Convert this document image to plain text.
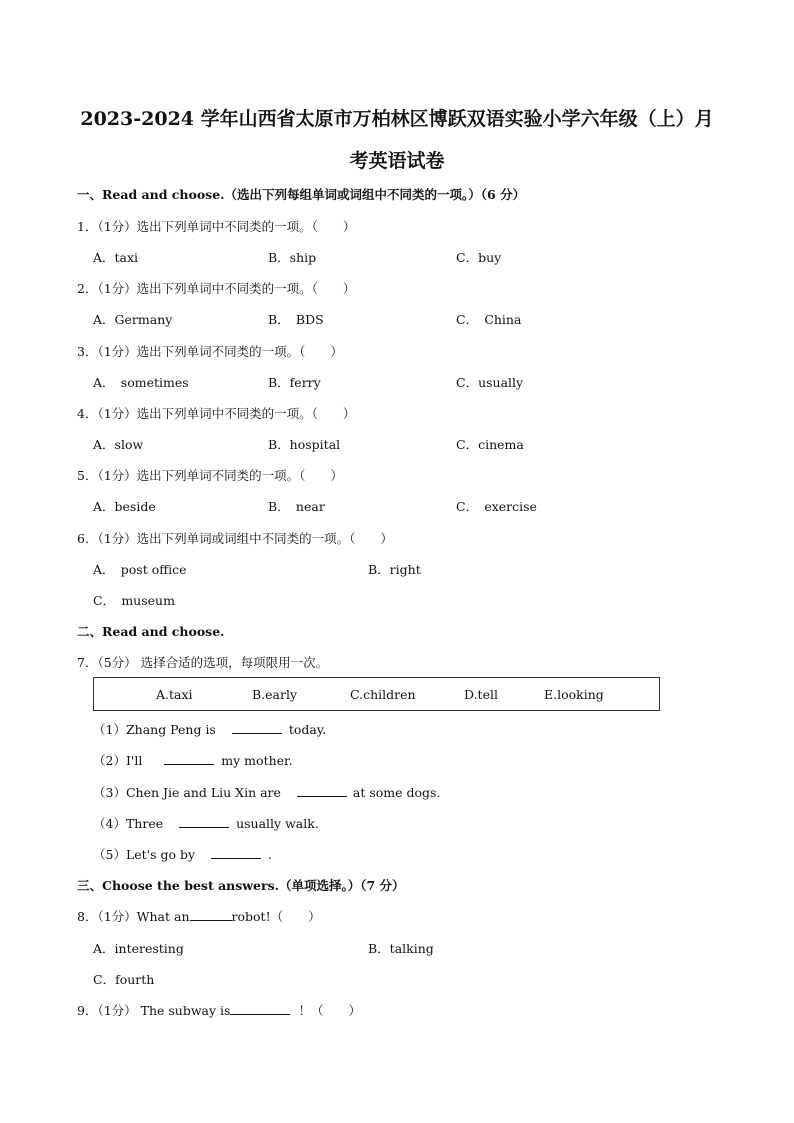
2023-2024 学年山西省太原市万柏林区博跃双语实验小学六年级（上）月
考英语试卷
一、Read and choose.（选出下列每组单词或词组中不同类的一项。）（6 分）
1．（1分）选出下列单词中不同类的一项。（　　）
A．taxi	B．ship	C．buy
2．（1分）选出下列单词中不同类的一项。（　　）
A．Germany	B．　BDS	C．　China
3．（1分）选出下列单词不同类的一项。（　　）
A．　sometimes	B．ferry	C．usually
4．（1分）选出下列单词中不同类的一项。（　　）
A．slow	B．hospital	C．cinema
5．（1分）选出下列单词不同类的一项。（　　）
A．beside	B．　near	C．　exercise
6．（1分）选出下列单词或词组中不同类的一项。（　　）
A．　post office	B．right
C．　museum
二、Read and choose.
7．（5分） 选择合适的选项，每项限用一次。
A.taxi	B.early	C.children	D.tell	E.looking
（1）Zhang Peng is	today.
（2）I'll	my mother.
（3）Chen Jie and Liu Xin are	at some dogs.
（4）Three	usually walk.
（5）Let's go by	.
三、Choose the best answers.（单项选择。）（7 分）
8．（1分）What an	robot!（　　）
A．interesting	B．talking
C．fourth
9．（1分） The subway is	！（　　）
